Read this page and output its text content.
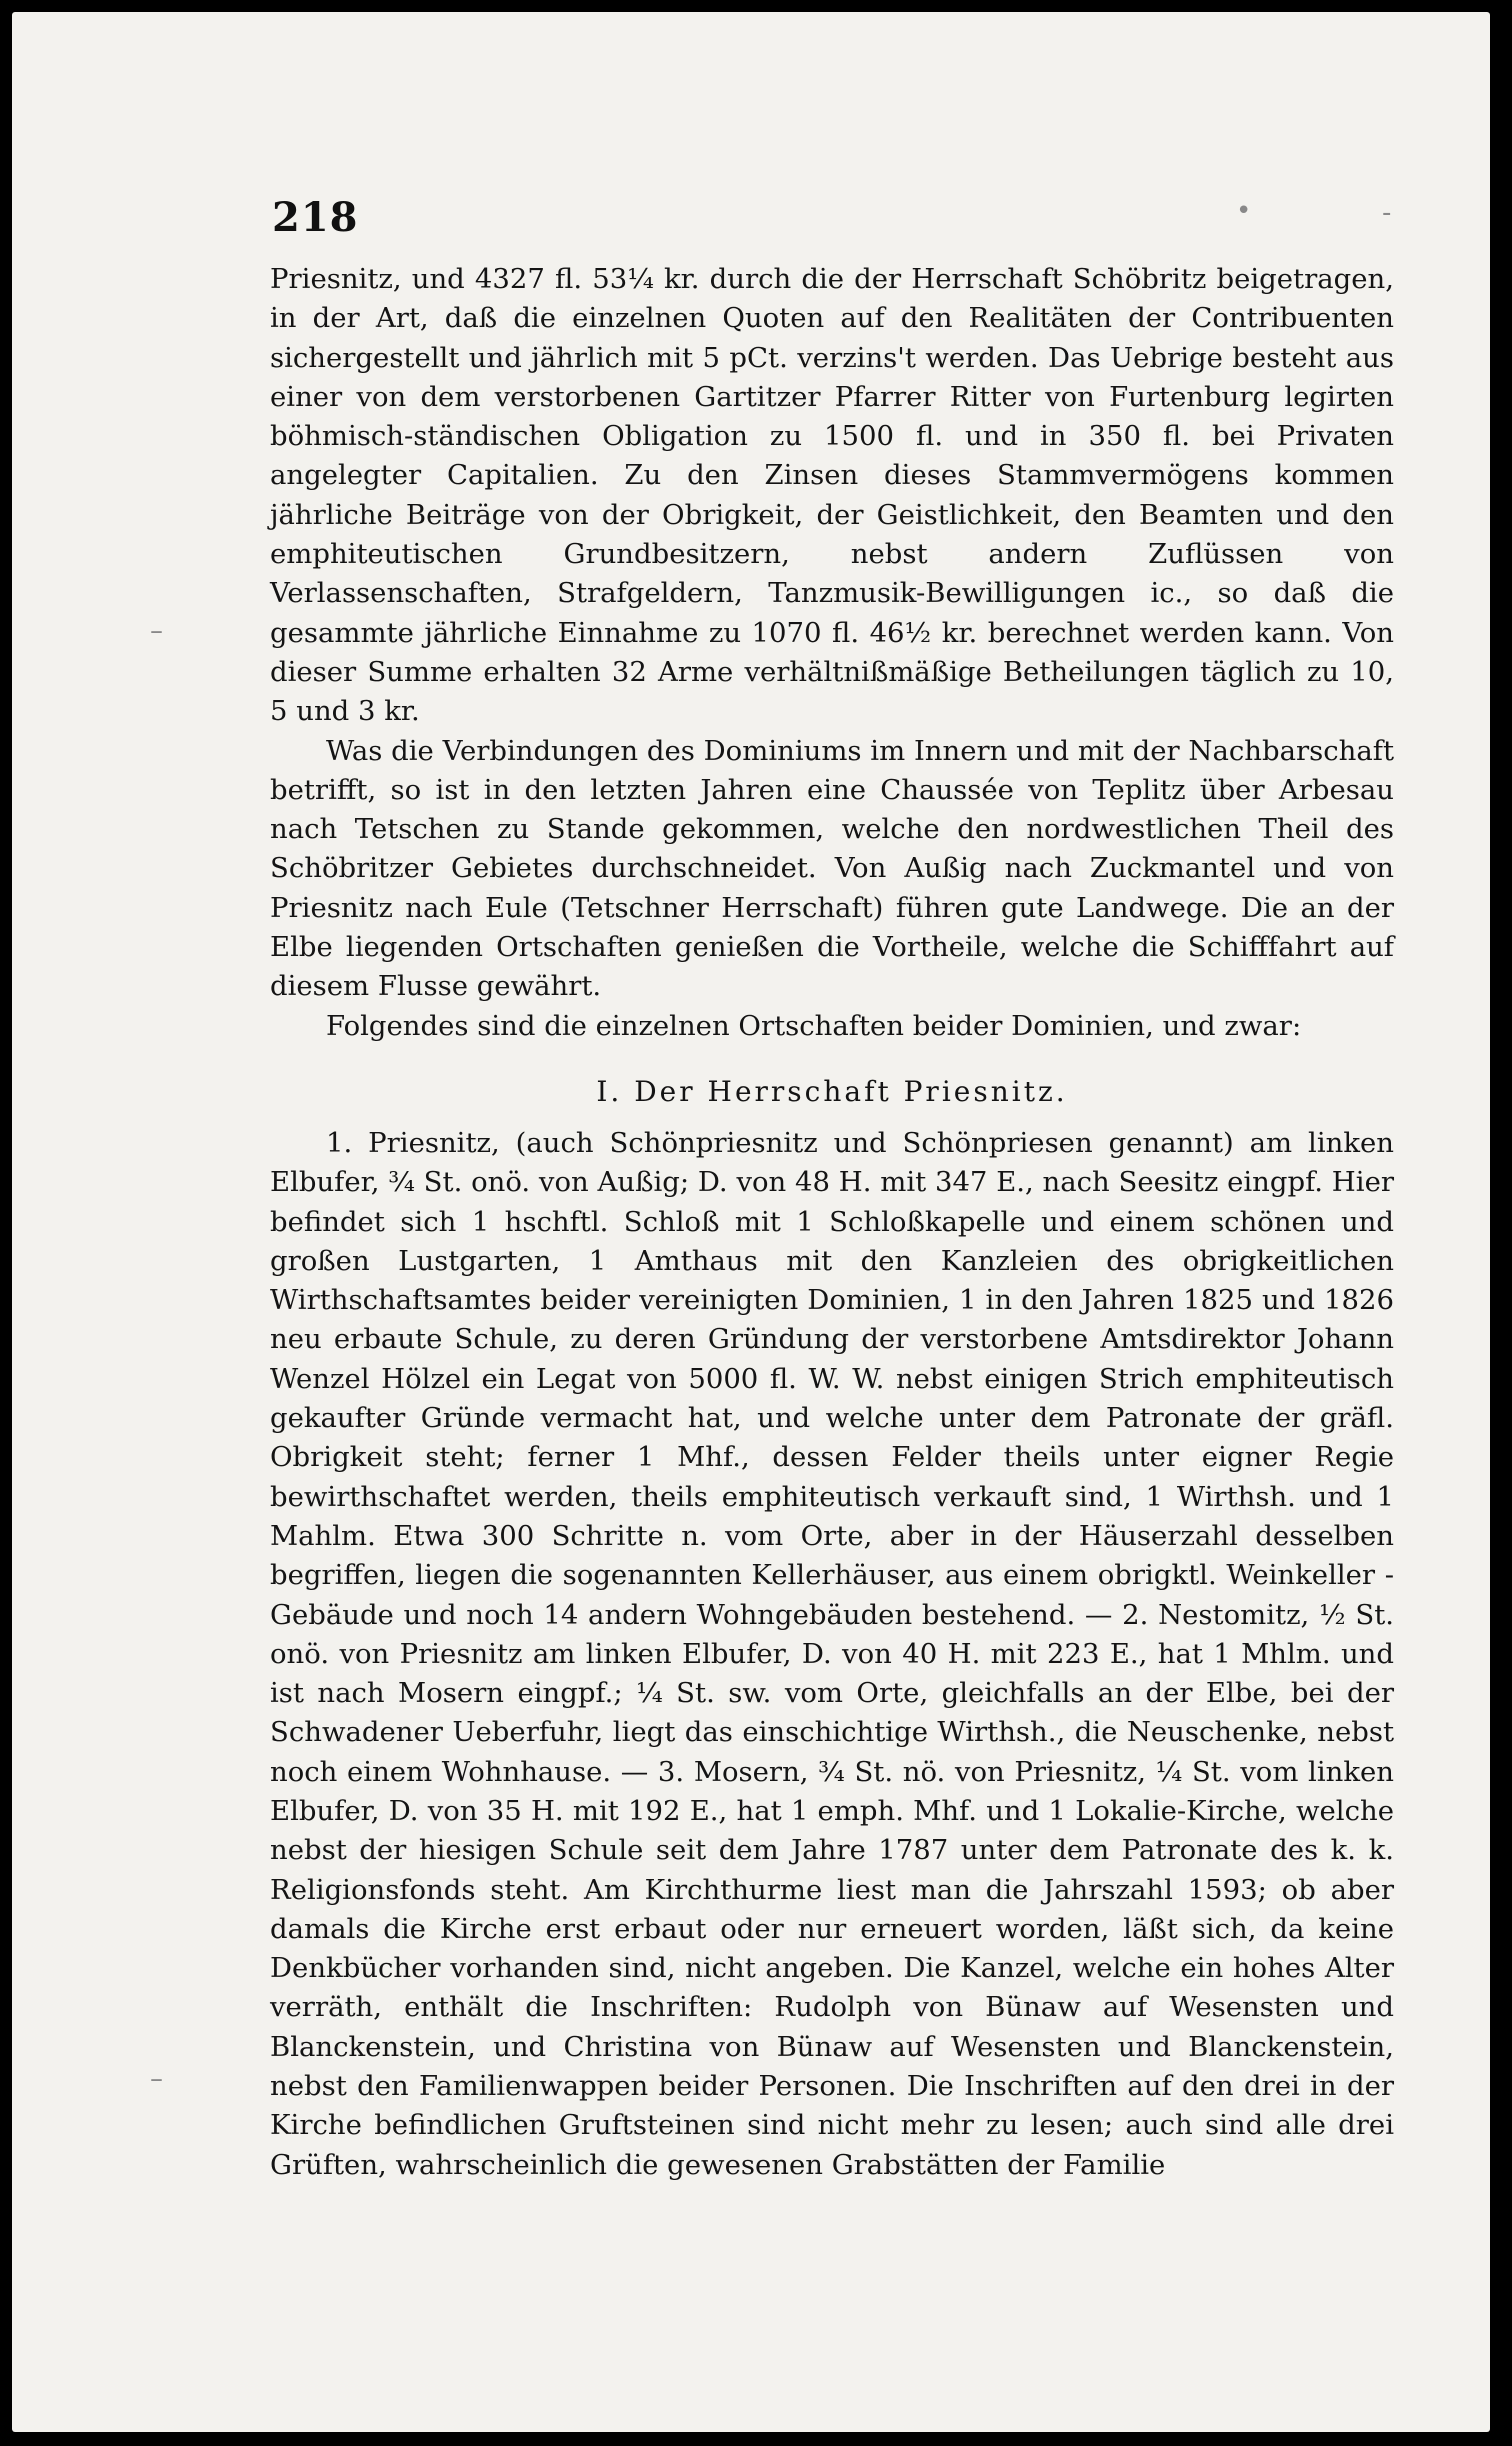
•	-
–
–
218

Priesnitz, und 4327 fl. 53¼ kr. durch die der Herrschaft Schöbritz beigetragen, in der Art, daß die einzelnen Quoten auf den Realitäten der Contribuenten sichergestellt und jährlich mit 5 pCt. verzins't werden. Das Uebrige besteht aus einer von dem verstorbenen Gartitzer Pfarrer Ritter von Furtenburg legirten böhmisch-ständischen Obligation zu 1500 fl. und in 350 fl. bei Privaten angelegter Capitalien. Zu den Zinsen dieses Stammvermögens kommen jährliche Beiträge von der Obrigkeit, der Geistlichkeit, den Beamten und den emphiteutischen Grundbesitzern, nebst andern Zuflüssen von Verlassenschaften, Strafgeldern, Tanzmusik-Bewilligungen ic., so daß die gesammte jährliche Einnahme zu 1070 fl. 46½ kr. berechnet werden kann. Von dieser Summe erhalten 32 Arme verhältnißmäßige Betheilungen täglich zu 10, 5 und 3 kr.

Was die Verbindungen des Dominiums im Innern und mit der Nachbarschaft betrifft, so ist in den letzten Jahren eine Chaussée von Teplitz über Arbesau nach Tetschen zu Stande gekommen, welche den nordwestlichen Theil des Schöbritzer Gebietes durchschneidet. Von Außig nach Zuckmantel und von Priesnitz nach Eule (Tetschner Herrschaft) führen gute Landwege. Die an der Elbe liegenden Ortschaften genießen die Vortheile, welche die Schifffahrt auf diesem Flusse gewährt.

Folgendes sind die einzelnen Ortschaften beider Dominien, und zwar:

I. Der Herrschaft Priesnitz.

1. Priesnitz, (auch Schönpriesnitz und Schönpriesen genannt) am linken Elbufer, ¾ St. onö. von Außig; D. von 48 H. mit 347 E., nach Seesitz eingpf. Hier befindet sich 1 hschftl. Schloß mit 1 Schloßkapelle und einem schönen und großen Lustgarten, 1 Amthaus mit den Kanzleien des obrigkeitlichen Wirthschaftsamtes beider vereinigten Dominien, 1 in den Jahren 1825 und 1826 neu erbaute Schule, zu deren Gründung der verstorbene Amtsdirektor Johann Wenzel Hölzel ein Legat von 5000 fl. W. W. nebst einigen Strich emphiteutisch gekaufter Gründe vermacht hat, und welche unter dem Patronate der gräfl. Obrigkeit steht; ferner 1 Mhf., dessen Felder theils unter eigner Regie bewirthschaftet werden, theils emphiteutisch verkauft sind, 1 Wirthsh. und 1 Mahlm. Etwa 300 Schritte n. vom Orte, aber in der Häuserzahl desselben begriffen, liegen die sogenannten Kellerhäuser, aus einem obrigktl. Weinkeller - Gebäude und noch 14 andern Wohngebäuden bestehend. — 2. Nestomitz, ½ St. onö. von Priesnitz am linken Elbufer, D. von 40 H. mit 223 E., hat 1 Mhlm. und ist nach Mosern eingpf.; ¼ St. sw. vom Orte, gleichfalls an der Elbe, bei der Schwadener Ueberfuhr, liegt das einschichtige Wirthsh., die Neuschenke, nebst noch einem Wohnhause. — 3. Mosern, ¾ St. nö. von Priesnitz, ¼ St. vom linken Elbufer, D. von 35 H. mit 192 E., hat 1 emph. Mhf. und 1 Lokalie-Kirche, welche nebst der hiesigen Schule seit dem Jahre 1787 unter dem Patronate des k. k. Religionsfonds steht. Am Kirchthurme liest man die Jahrszahl 1593; ob aber damals die Kirche erst erbaut oder nur erneuert worden, läßt sich, da keine Denkbücher vorhanden sind, nicht angeben. Die Kanzel, welche ein hohes Alter verräth, enthält die Inschriften: Rudolph von Bünaw auf Wesensten und Blanckenstein, und Christina von Bünaw auf Wesensten und Blanckenstein, nebst den Familienwappen beider Personen. Die Inschriften auf den drei in der Kirche befindlichen Gruftsteinen sind nicht mehr zu lesen; auch sind alle drei Grüften, wahrscheinlich die gewesenen Grabstätten der Familie
